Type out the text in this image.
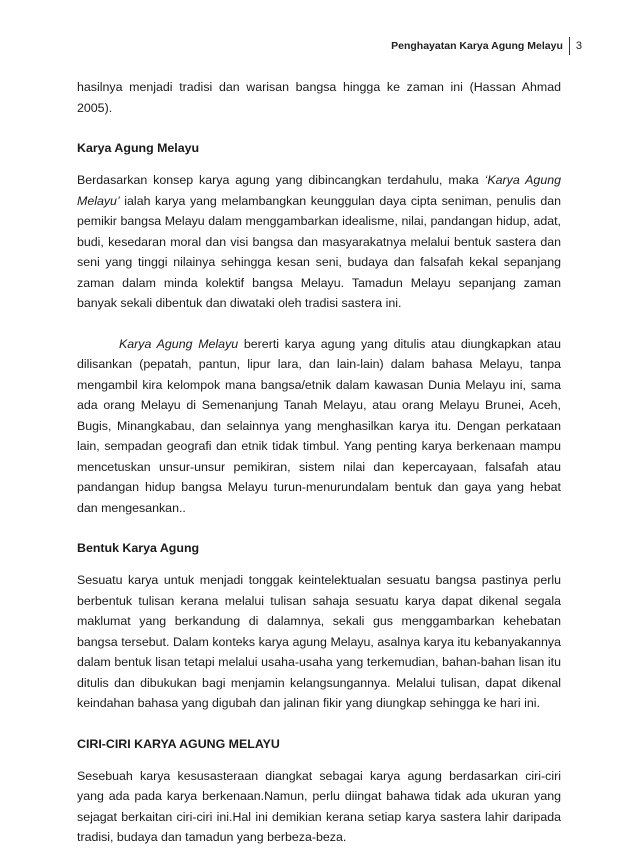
Penghayatan Karya Agung Melayu	3

hasilnya menjadi tradisi dan warisan bangsa hingga ke zaman ini (Hassan Ahmad 2005).

Karya Agung Melayu

Berdasarkan konsep karya agung yang dibincangkan terdahulu, maka ‘Karya Agung Melayu’ ialah karya yang melambangkan keunggulan daya cipta seniman, penulis dan pemikir bangsa Melayu dalam menggambarkan idealisme, nilai, pandangan hidup, adat, budi, kesedaran moral dan visi bangsa dan masyarakatnya melalui bentuk sastera dan seni yang tinggi nilainya sehingga kesan seni, budaya dan falsafah kekal sepanjang zaman dalam minda kolektif bangsa Melayu. Tamadun Melayu sepanjang zaman banyak sekali dibentuk dan diwataki oleh tradisi sastera ini.

Karya Agung Melayu bererti karya agung yang ditulis atau diungkapkan atau dilisankan (pepatah, pantun, lipur lara, dan lain-lain) dalam bahasa Melayu, tanpa mengambil kira kelompok mana bangsa/etnik dalam kawasan Dunia Melayu ini, sama ada orang Melayu di Semenanjung Tanah Melayu, atau orang Melayu Brunei, Aceh, Bugis, Minangkabau, dan selainnya yang menghasilkan karya itu. Dengan perkataan lain, sempadan geografi dan etnik tidak timbul. Yang penting karya berkenaan mampu mencetuskan unsur-unsur pemikiran, sistem nilai dan kepercayaan, falsafah atau pandangan hidup bangsa Melayu turun-menurundalam bentuk dan gaya yang hebat dan mengesankan..

Bentuk Karya Agung

Sesuatu karya untuk menjadi tonggak keintelektualan sesuatu bangsa pastinya perlu berbentuk tulisan kerana melalui tulisan sahaja sesuatu karya dapat dikenal segala maklumat yang berkandung di dalamnya, sekali gus menggambarkan kehebatan bangsa tersebut. Dalam konteks karya agung Melayu, asalnya karya itu kebanyakannya dalam bentuk lisan tetapi melalui usaha-usaha yang terkemudian, bahan-bahan lisan itu ditulis dan dibukukan bagi menjamin kelangsungannya. Melalui tulisan, dapat dikenal keindahan bahasa yang digubah dan jalinan fikir yang diungkap sehingga ke hari ini.

CIRI-CIRI KARYA AGUNG MELAYU

Sesebuah karya kesusasteraan diangkat sebagai karya agung berdasarkan ciri-ciri yang ada pada karya berkenaan.Namun, perlu diingat bahawa tidak ada ukuran yang sejagat berkaitan ciri-ciri ini.Hal ini demikian kerana setiap karya sastera lahir daripada tradisi, budaya dan tamadun yang berbeza-beza.
